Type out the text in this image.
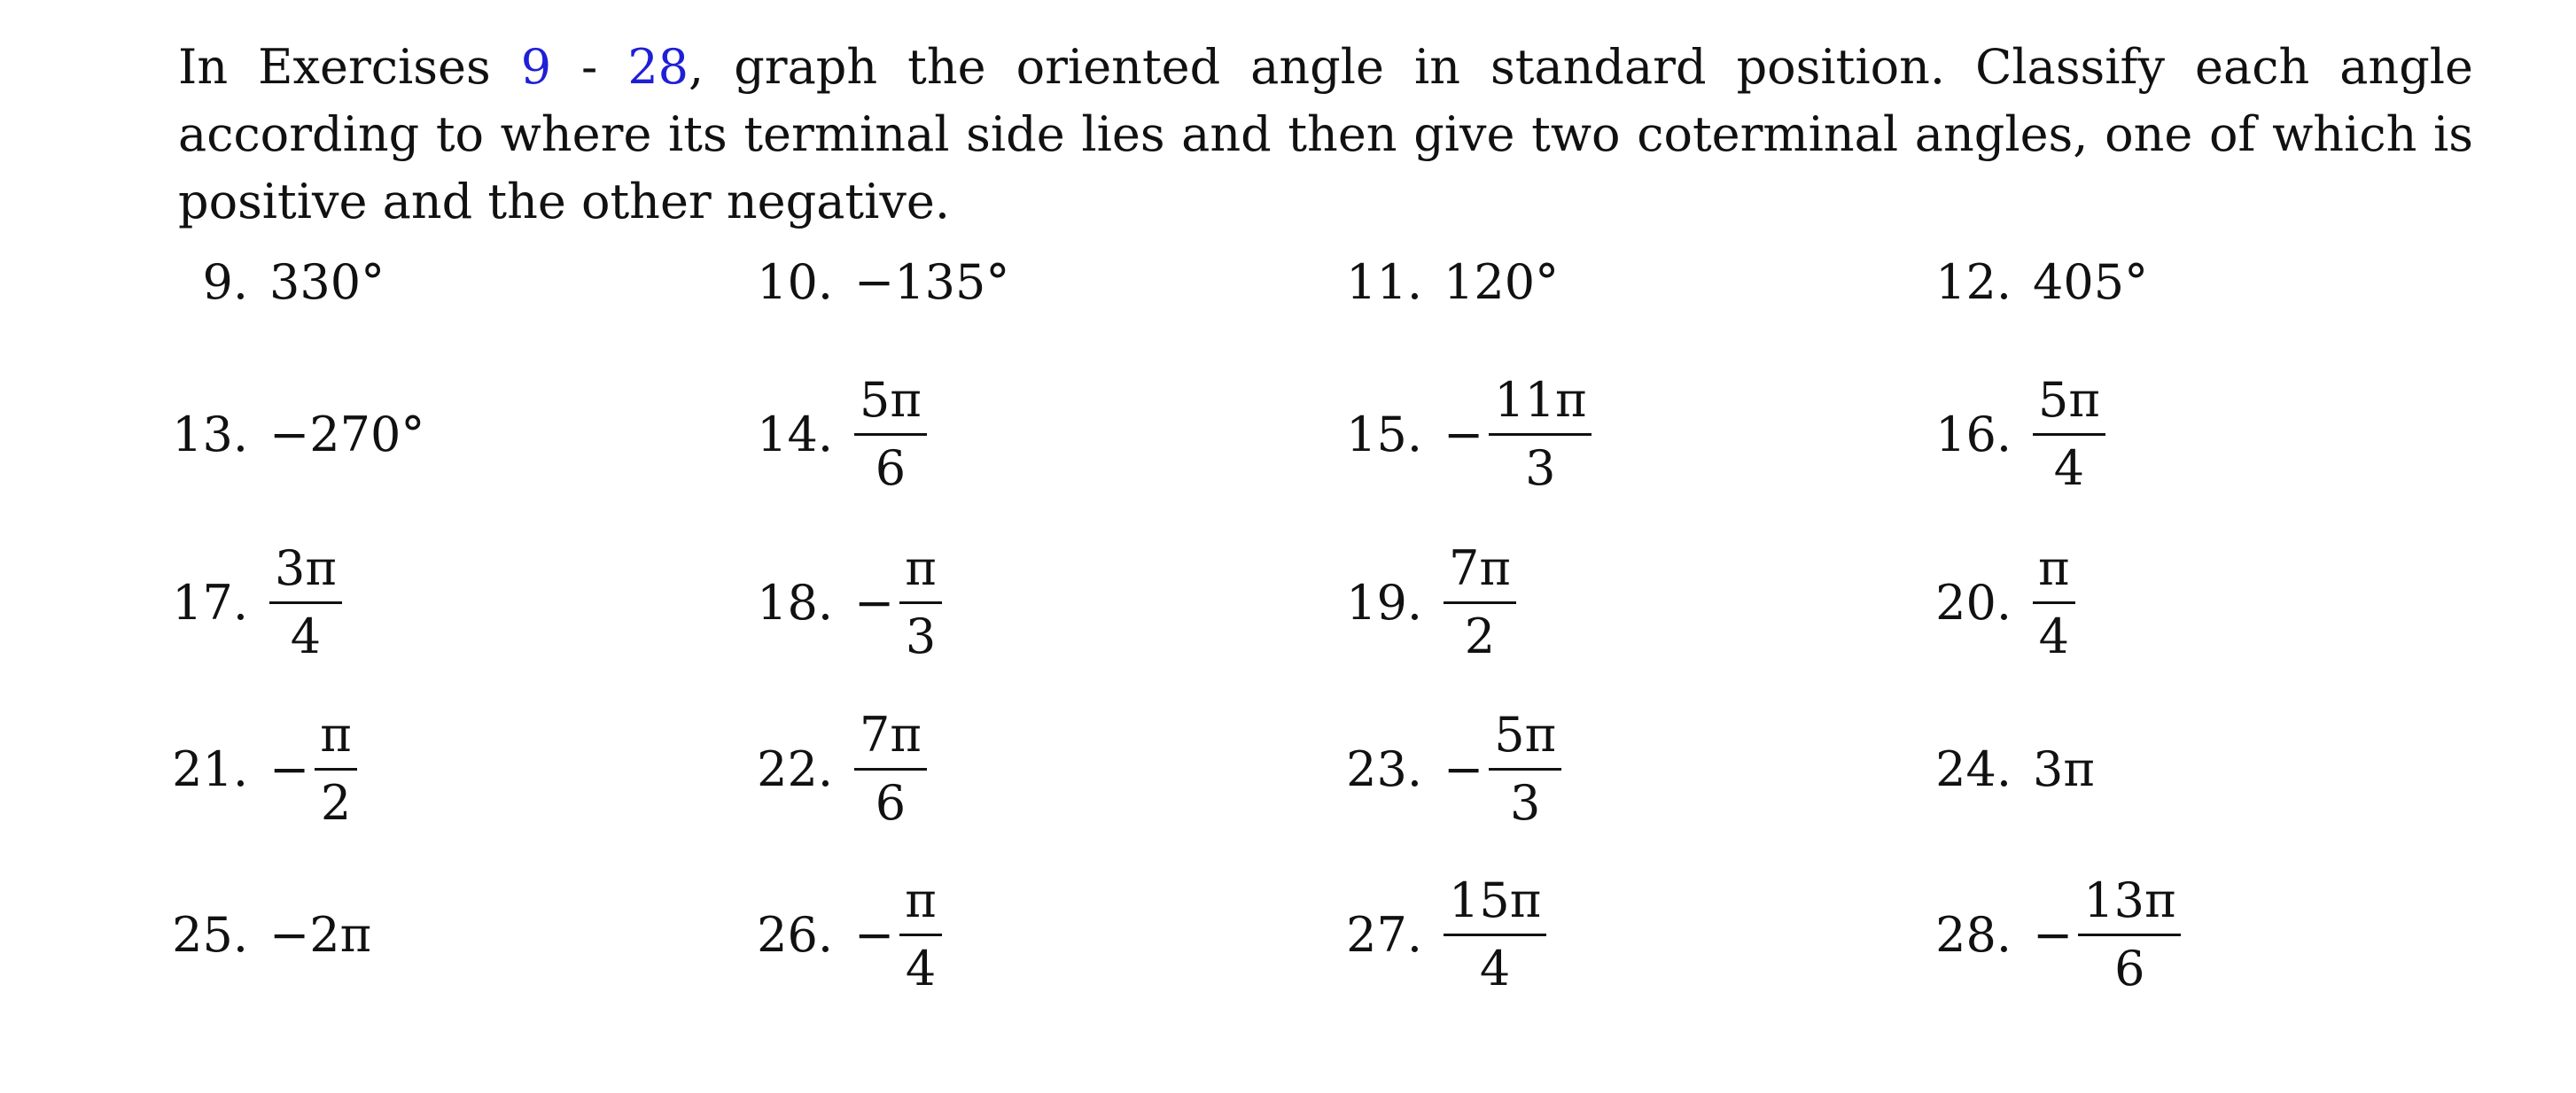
In Exercises 9 - 28, graph the oriented angle in standard position. Classify each angle according to where its terminal side lies and then give two coterminal angles, one of which is positive and the other negative.
9. 330°	10. −135°	11. 120°	12. 405°
13. −270°	14. $\frac{5\pi}{6}$	15. − $\frac{11\pi}{3}$	16. $\frac{5\pi}{4}$
17. $\frac{3\pi}{4}$	18. − $\frac{\pi}{3}$	19. $\frac{7\pi}{2}$	20. $\frac{\pi}{4}$
21. − $\frac{\pi}{2}$	22. $\frac{7\pi}{6}$	23. − $\frac{5\pi}{3}$	24. 3π
25. −2π	26. − $\frac{\pi}{4}$	27. $\frac{15\pi}{4}$	28. − $\frac{13\pi}{6}$
